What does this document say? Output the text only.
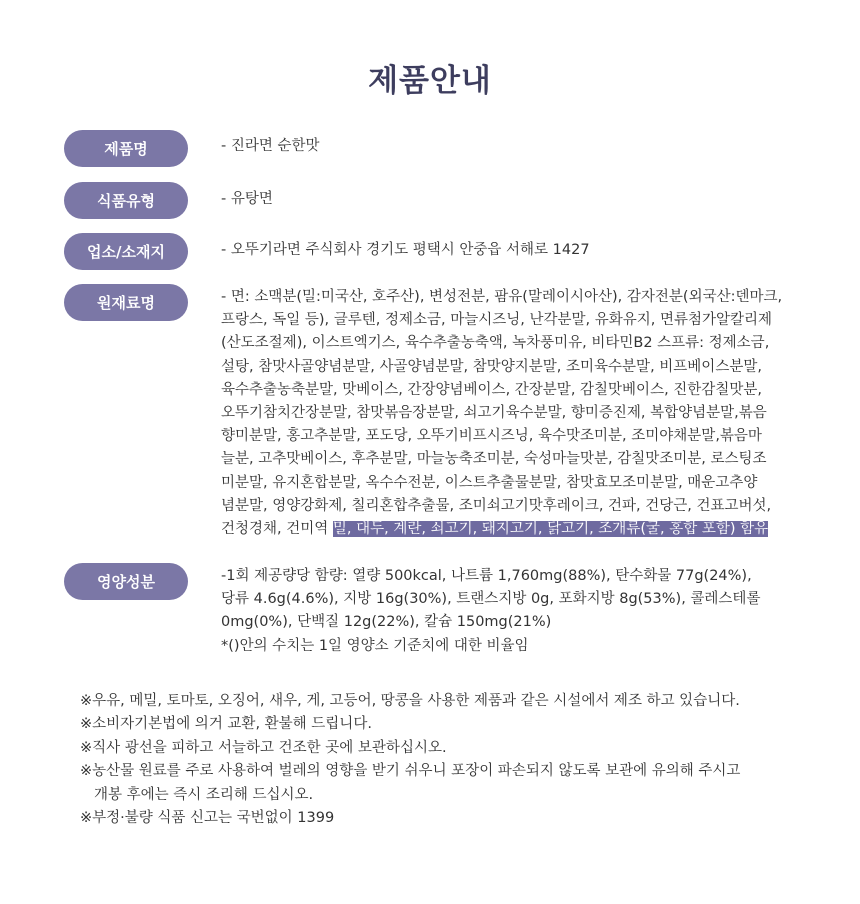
제품안내
제품명	- 진라면 순한맛
식품유형	- 유탕면
업소/소재지	- 오뚜기라면 주식회사 경기도 평택시 안중읍 서해로 1427
원재료명	- 면: 소맥분(밀:미국산, 호주산), 변성전분, 팜유(말레이시아산), 감자전분(외국산:덴마크,
프랑스, 독일 등), 글루텐, 정제소금, 마늘시즈닝, 난각분말, 유화유지, 면류첨가알칼리제
(산도조절제), 이스트엑기스, 육수추출농축액, 녹차풍미유, 비타민B2 스프류: 정제소금,
설탕, 참맛사골양념분말, 사골양념분말, 참맛양지분말, 조미육수분말, 비프베이스분말,
육수추출농축분말, 맛베이스, 간장양념베이스, 간장분말, 감칠맛베이스, 진한감칠맛분,
오뚜기참치간장분말, 참맛볶음장분말, 쇠고기육수분말, 향미증진제, 복합양념분말,볶음
향미분말, 홍고추분말, 포도당, 오뚜기비프시즈닝, 육수맛조미분, 조미야채분말,볶음마
늘분, 고추맛베이스, 후추분말, 마늘농축조미분, 숙성마늘맛분, 감칠맛조미분, 로스팅조
미분말, 유지혼합분말, 옥수수전분, 이스트추출물분말, 참맛효모조미분말, 매운고추양
념분말, 영양강화제, 칠리혼합추출물, 조미쇠고기맛후레이크, 건파, 건당근, 건표고버섯,
건청경채, 건미역 밀, 대두, 계란, 쇠고기, 돼지고기, 닭고기, 조개류(굴, 홍합 포함) 함유
영양성분	-1회 제공량당 함량: 열량 500kcal, 나트륨 1,760mg(88%), 탄수화물 77g(24%),
당류 4.6g(4.6%), 지방 16g(30%), 트랜스지방 0g, 포화지방 8g(53%), 콜레스테롤
0mg(0%), 단백질 12g(22%), 칼슘 150mg(21%)
*()안의 수치는 1일 영양소 기준치에 대한 비율임
※우유, 메밀, 토마토, 오징어, 새우, 게, 고등어, 땅콩을 사용한 제품과 같은 시설에서 제조 하고 있습니다.
※소비자기본법에 의거 교환, 환불해 드립니다.
※직사 광선을 피하고 서늘하고 건조한 곳에 보관하십시오.
※농산물 원료를 주로 사용하여 벌레의 영향을 받기 쉬우니 포장이 파손되지 않도록 보관에 유의해 주시고
개봉 후에는 즉시 조리해 드십시오.
※부정·불량 식품 신고는 국번없이 1399
